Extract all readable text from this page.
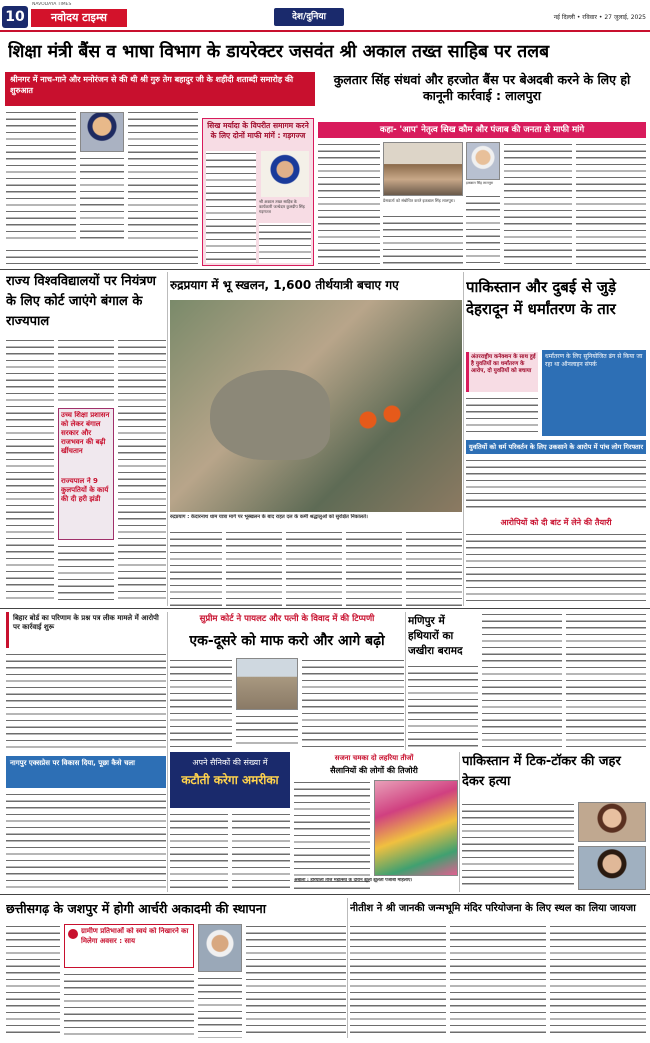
10
NAVODAYA TIMES
नवोदय टाइम्स	देश/दुनिया	नई दिल्ली • रविवार • 27 जुलाई, 2025
शिक्षा मंत्री बैंस व भाषा विभाग के डायरेक्टर जसवंत श्री अकाल तख्त साहिब पर तलब
श्रीनगर में नाच-गाने और मनोरंजन से की थी श्री गुरु तेग बहादुर जी के शहीदी शताब्दी समारोह की शुरुआत
कुलतार सिंह संधवां और हरजोत बैंस पर बेअदबी करने के लिए हो कानूनी कार्रवाई : लालपुरा
कहा- 'आप' नेतृत्व सिख कौम और पंजाब की जनता से माफी मांगे
सिख मर्यादा के विपरीत समागम करने के लिए दोनों माफी मांगें : गड़गज्ज
श्री अकाल तख्त साहिब के कार्यकारी जत्थेदार कुलदीप सिंह गड़गज्ज
प्रेसवार्ता को संबोधित करते इकबाल सिंह लालपुरा।
इकबाल सिंह लालपुरा
राज्य विश्वविद्यालयों पर नियंत्रण के लिए कोर्ट जाएंगे बंगाल के राज्यपाल
उच्च शिक्षा प्रशासन को लेकर बंगाल सरकार और राजभवन की बढ़ी खींचतान
राज्यपाल ने 9 कुलपतियों के कार्य की दी हरी झंडी
रुद्रप्रयाग में भू स्खलन, 1,600 तीर्थयात्री बचाए गए
रुद्रप्रयाग : केदारनाथ धाम यात्रा मार्ग पर भूस्खलन के बाद राहत दल के कर्मी श्रद्धालुओं को सुरक्षित निकालते।
पाकिस्तान और दुबई से जुड़े देहरादून में धर्मांतरण के तार
अंतरराष्ट्रीय कनेक्शन के साथ हुई है युवतियों का धर्मांतरण के आरोप, दो युवतियों को बचाया
धर्मांतरण के लिए सुनियोजित ढंग से किया जा रहा था ऑनलाइन संपर्क
युवतियों को धर्म परिवर्तन के लिए उकसाने के आरोप में पांच लोग गिरफ्तार
आरोपियों को दी बांट में लेने की तैयारी
बिहार बाेर्ड का परिणाम के प्रश्न पत्र लीक मामले में आरोपी पर कार्रवाई शुरू
नागपुर एक्सप्रेस पर विकास दिया, पूछा कैसे चला
सुप्रीम कोर्ट ने पायलट और पत्नी के विवाद में की टिप्पणी
एक-दूसरे को माफ करो और आगे बढ़ो
मणिपुर में हथियारों का जखीरा बरामद
अपने सैनिकों की संख्या में
कटौती करेगा अमरीका
सजना चमका दो लहरिया तीजों
सैलानियों की लोगों की तिजोरी
अंबाला : हरियाली तीज महोत्सव के दौरान झूला झूलती पंजाबी महिलाएं।
पाकिस्तान में टिक-टॉकर की जहर देकर हत्या
छत्तीसगढ़ के जशपुर में होगी आर्चरी अकादमी की स्थापना
ग्रामीण प्रतिभाओं को स्वयं को निखारने का मिलेगा अवसर : साय
नीतीश ने श्री जानकी जन्मभूमि मंदिर परियोजना के लिए स्थल का लिया जायजा
